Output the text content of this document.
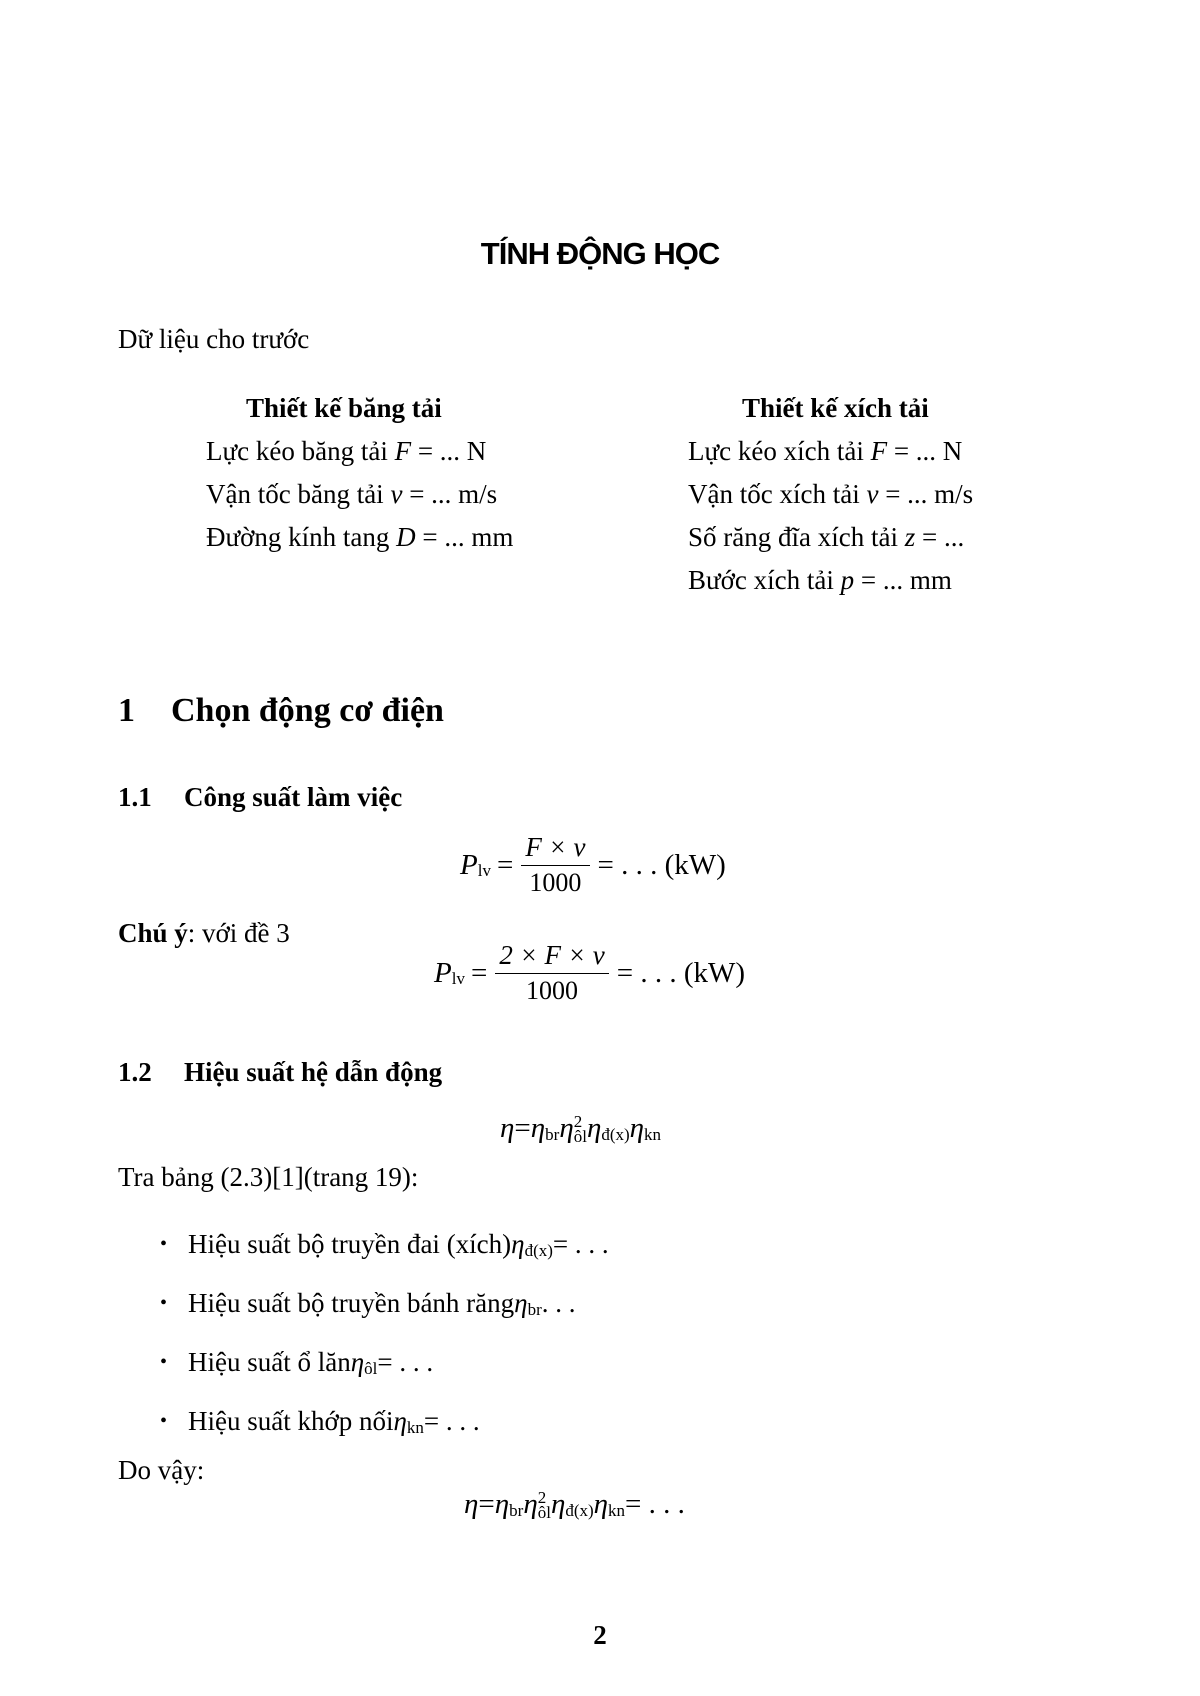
TÍNH ĐỘNG HỌC
Dữ liệu cho trước
Thiết kế băng tải
Lực kéo băng tải F = ... N
Vận tốc băng tải v = ... m/s
Đường kính tang D = ... mm
Thiết kế xích tải
Lực kéo xích tải F = ... N
Vận tốc xích tải v = ... m/s
Số răng đĩa xích tải z = ...
Bước xích tải p = ... mm
1 Chọn động cơ điện
1.1 Công suất làm việc
P lv = $\frac{F \times v}{1000}$ = . . . (kW)
Chú ý: với đề 3
P lv = $\frac{2 \times F \times v}{1000}$ = . . . (kW)
1.2 Hiệu suất hệ dẫn động
η = η br η 2
ôl η đ(x) η kn
Tra bảng (2.3)[1](trang 19):
• Hiệu suất bộ truyền đai (xích) η đ(x) = . . .
• Hiệu suất bộ truyền bánh răng η br . . .
• Hiệu suất ổ lăn η ôl = . . .
• Hiệu suất khớp nối η kn = . . .
Do vậy:
η = η br η 2
ôl η đ(x) η kn = . . .
2
